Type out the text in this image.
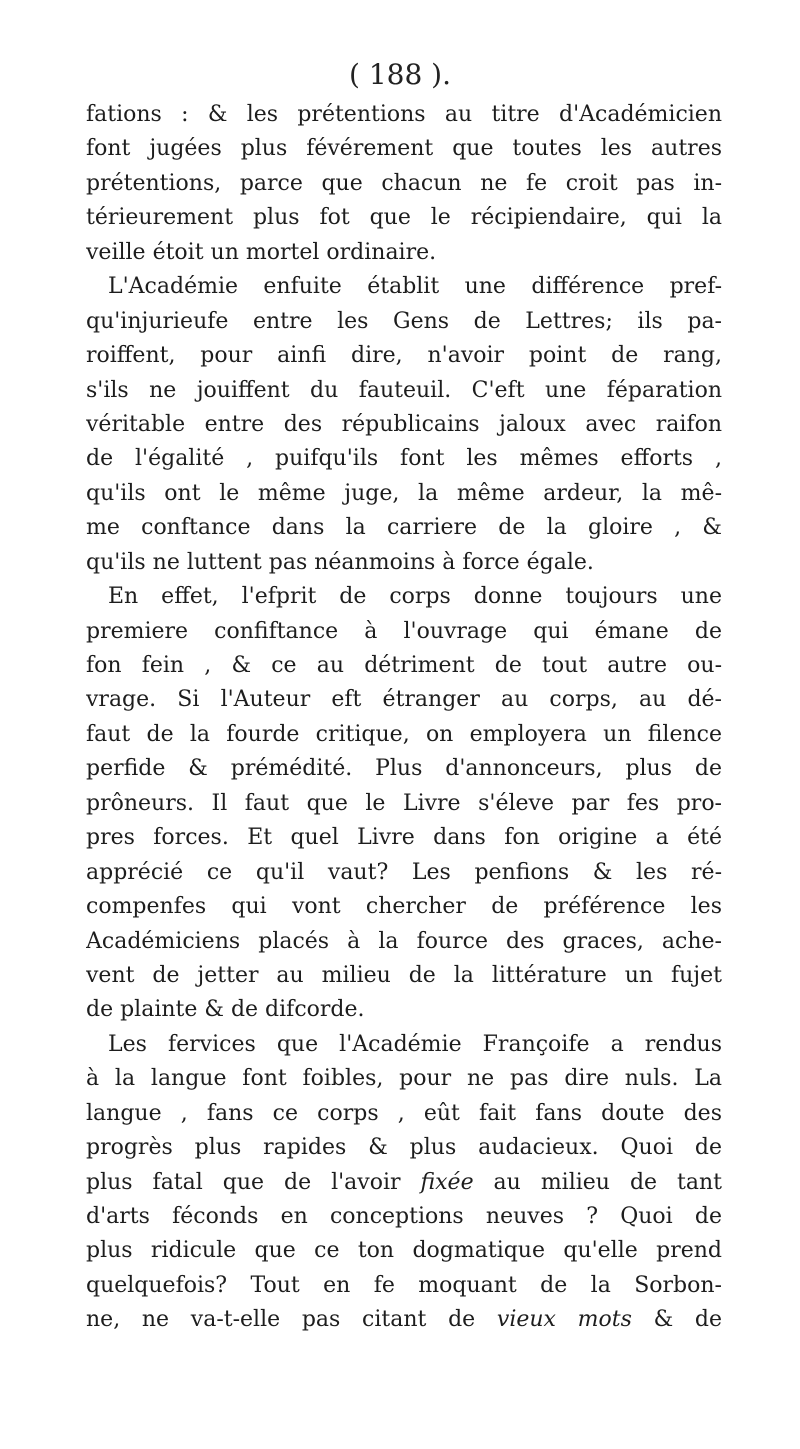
( 188 ).
fations : & les prétentions au titre d'Académicien
font jugées plus févérement que toutes les autres
prétentions, parce que chacun ne fe croit pas in-
térieurement plus fot que le récipiendaire, qui la
veille étoit un mortel ordinaire.
L'Académie enfuite établit une différence pref-
qu'injurieufe entre les Gens de Lettres; ils pa-
roiffent, pour ainfi dire, n'avoir point de rang,
s'ils ne jouiffent du fauteuil. C'eft une féparation
véritable entre des républicains jaloux avec raifon
de l'égalité , puifqu'ils font les mêmes efforts ,
qu'ils ont le même juge, la même ardeur, la mê-
me conftance dans la carriere de la gloire , &
qu'ils ne luttent pas néanmoins à force égale.
En effet, l'efprit de corps donne toujours une
premiere confiftance à l'ouvrage qui émane de
fon fein , & ce au détriment de tout autre ou-
vrage. Si l'Auteur eft étranger au corps, au dé-
faut de la fourde critique, on employera un filence
perfide & prémédité. Plus d'annonceurs, plus de
prôneurs. Il faut que le Livre s'éleve par fes pro-
pres forces. Et quel Livre dans fon origine a été
apprécié ce qu'il vaut? Les penfions & les ré-
compenfes qui vont chercher de préférence les
Académiciens placés à la fource des graces, ache-
vent de jetter au milieu de la littérature un fujet
de plainte & de difcorde.
Les fervices que l'Académie Françoife a rendus
à la langue font foibles, pour ne pas dire nuls. La
langue , fans ce corps , eût fait fans doute des
progrès plus rapides & plus audacieux. Quoi de
plus fatal que de l'avoir fixée au milieu de tant
d'arts féconds en conceptions neuves ? Quoi de
plus ridicule que ce ton dogmatique qu'elle prend
quelquefois? Tout en fe moquant de la Sorbon-
ne, ne va-t-elle pas citant de vieux mots & de
